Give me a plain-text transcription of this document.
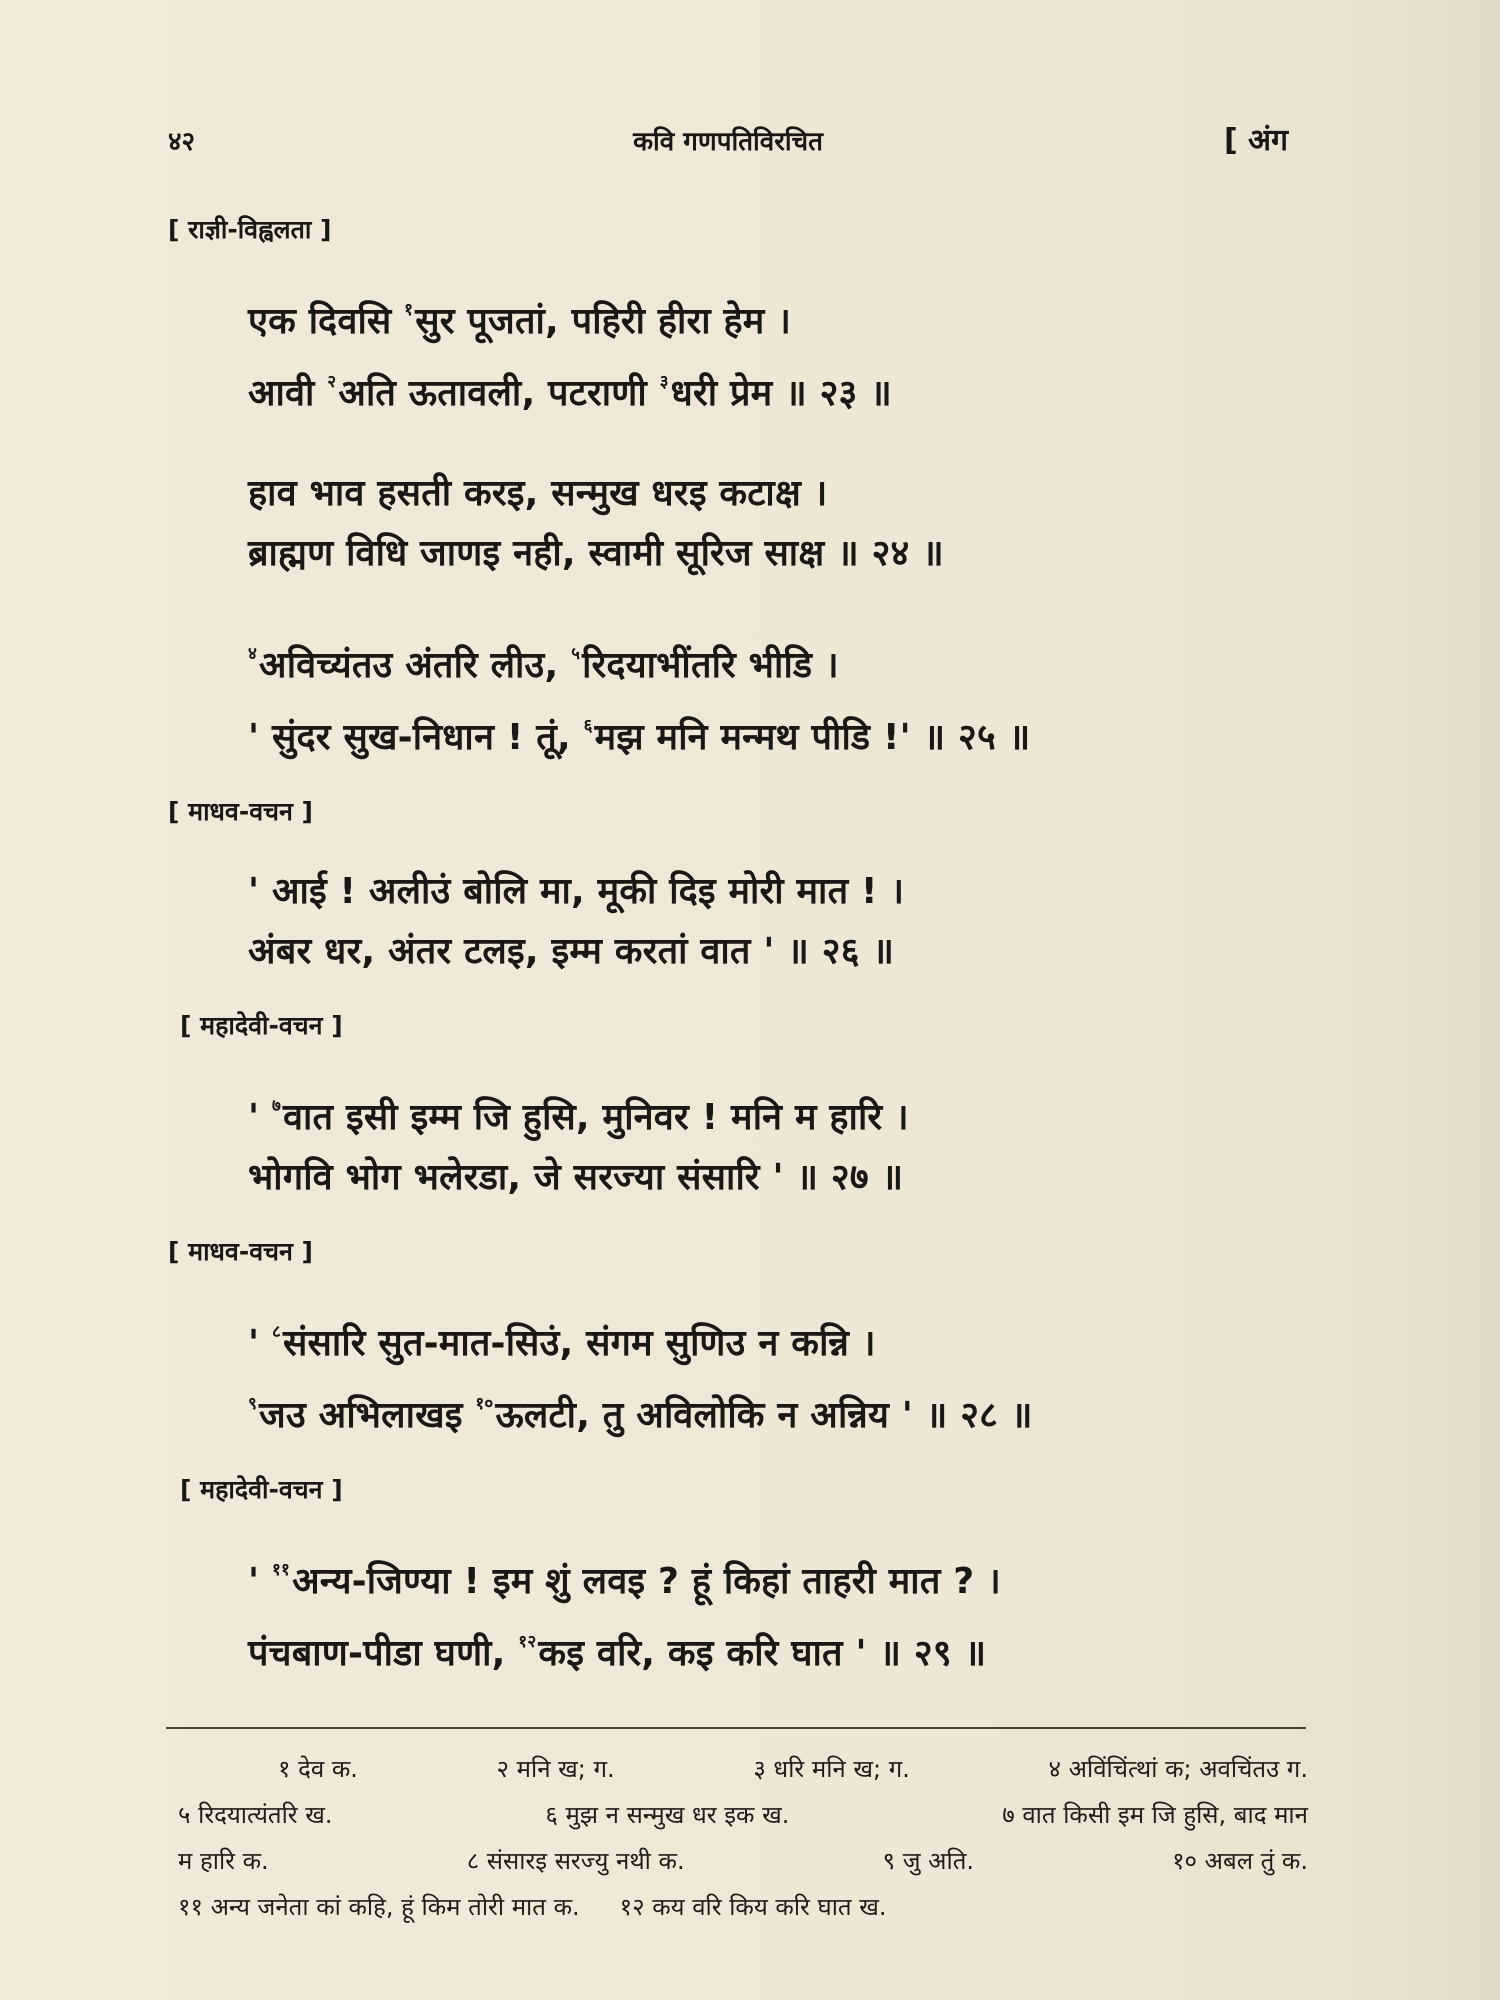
४२	कवि गणपतिविरचित	[ अंग
[ राज्ञी-विह्वलता ]
एक दिवसि $^१$सुर पूजतां, पहिरी हीरा हेम ।
आवी $^२$अति ऊतावली, पटराणी $^३$धरी प्रेम ॥ २३ ॥
हाव भाव हसती करइ, सन्मुख धरइ कटाक्ष ।
ब्राह्मण विधि जाणइ नही, स्वामी सूरिज साक्ष ॥ २४ ॥
$^४$अविच्यंतउ अंतरि लीउ, $^५$रिदयाभींतरि भीडि ।
' सुंदर सुख-निधान ! तूं, $^६$मझ मनि मन्मथ पीडि !' ॥ २५ ॥
[ माधव-वचन ]
' आई ! अलीउं बोलि मा, मूकी दिइ मोरी मात ! ।
अंबर धर, अंतर टलइ, इम्म करतां वात ' ॥ २६ ॥
[ महादेवी-वचन ]
' $^७$वात इसी इम्म जि हुसि, मुनिवर ! मनि म हारि ।
भोगवि भोग भलेरडा, जे सरज्या संसारि ' ॥ २७ ॥
[ माधव-वचन ]
' $^८$संसारि सुत-मात-सिउं, संगम सुणिउ न कन्नि ।
$^९$जउ अभिलाखइ $^{१०}$ऊलटी, तु अविलोकि न अन्निय ' ॥ २८ ॥
[ महादेवी-वचन ]
' $^{११}$अन्य-जिण्या ! इम शुं लवइ ? हूं किहां ताहरी मात ? ।
पंचबाण-पीडा घणी, $^{१२}$कइ वरि, कइ करि घात ' ॥ २९ ॥
१ देव क.	२ मनि ख; ग.	३ धरि मनि ख; ग.	४ अविंचिंत्थां क; अवचिंतउ ग.
५ रिदयात्यंतरि ख.	६ मुझ न सन्मुख धर इक ख.	७ वात किसी इम जि हुसि, बाद मान
म हारि क.	८ संसारइ सरज्यु नथी क.	९ जु अति.	१० अबल तुं क.
११ अन्य जनेता कां कहि, हूं किम तोरी मात क. १२ कय वरि किय करि घात ख.
